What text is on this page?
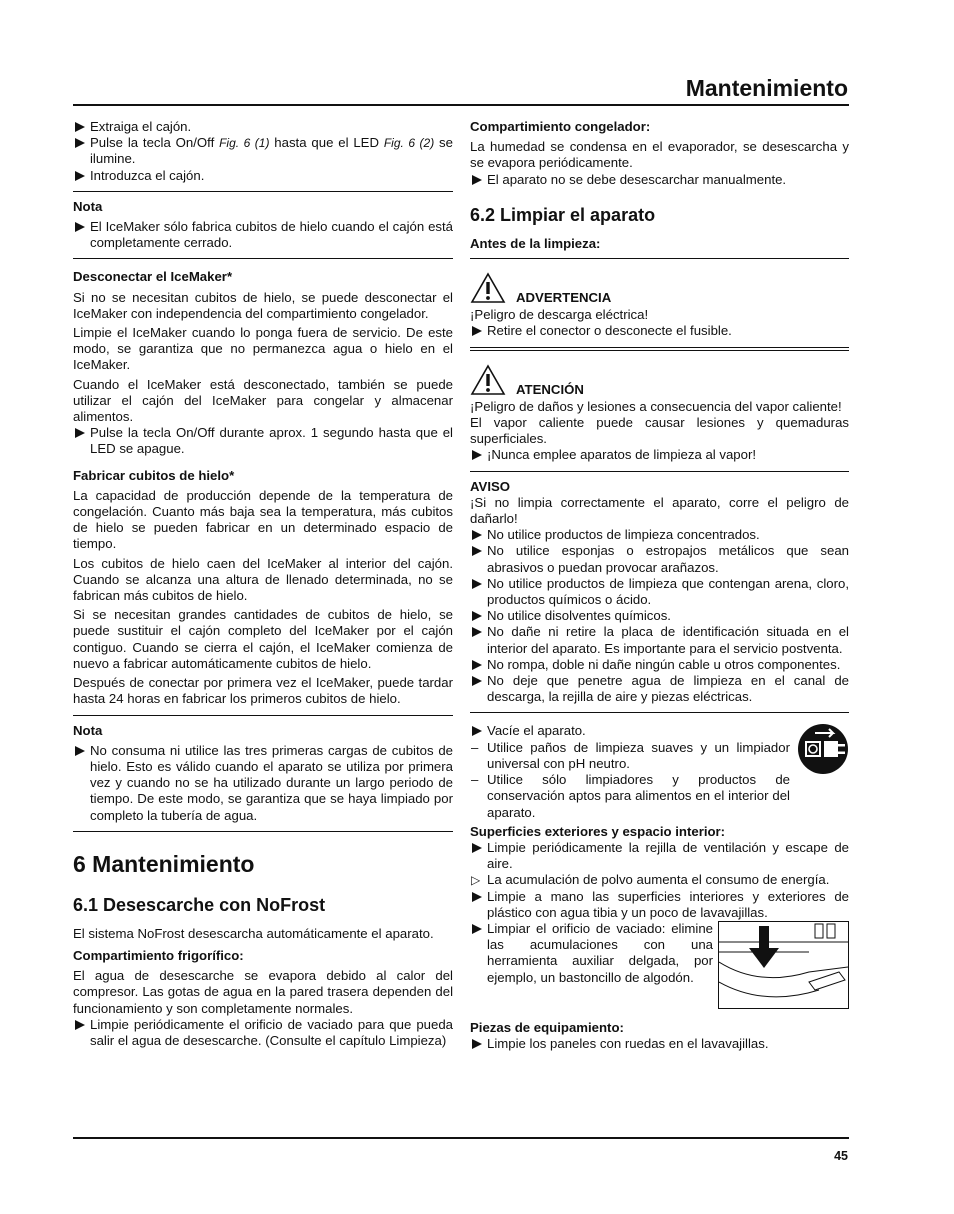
Mantenimiento
Extraiga el cajón.
Pulse la tecla On/Off Fig. 6 (1) hasta que el LED Fig. 6 (2) se ilumine.
Introduzca el cajón.
Nota
El IceMaker sólo fabrica cubitos de hielo cuando el cajón está completamente cerrado.
Desconectar el IceMaker*

Si no se necesitan cubitos de hielo, se puede desconectar el IceMaker con independencia del compartimiento congelador.

Limpie el IceMaker cuando lo ponga fuera de servicio. De este modo, se garantiza que no permanezca agua o hielo en el IceMaker.

Cuando el IceMaker está desconectado, también se puede utilizar el cajón del IceMaker para congelar y almacenar alimentos.

Pulse la tecla On/Off durante aprox. 1 segundo hasta que el LED se apague.
Fabricar cubitos de hielo*

La capacidad de producción depende de la temperatura de congelación. Cuanto más baja sea la temperatura, más cubitos de hielo se pueden fabricar en un determinado espacio de tiempo.

Los cubitos de hielo caen del IceMaker al interior del cajón. Cuando se alcanza una altura de llenado determinada, no se fabrican más cubitos de hielo.

Si se necesitan grandes cantidades de cubitos de hielo, se puede sustituir el cajón completo del IceMaker por el cajón contiguo. Cuando se cierra el cajón, el IceMaker comienza de nuevo a fabricar automáticamente cubitos de hielo.

Después de conectar por primera vez el IceMaker, puede tardar hasta 24 horas en fabricar los primeros cubitos de hielo.

Nota
No consuma ni utilice las tres primeras cargas de cubitos de hielo. Esto es válido cuando el aparato se utiliza por primera vez y cuando no se ha utilizado durante un largo periodo de tiempo. De este modo, se garantiza que se haya limpiado por completo la tubería de agua.
6 Mantenimiento
6.1 Desescarche con NoFrost

El sistema NoFrost desescarcha automáticamente el aparato.

Compartimiento frigorífico:

El agua de desescarche se evapora debido al calor del compresor. Las gotas de agua en la pared trasera dependen del funcionamiento y son completamente normales.

Limpie periódicamente el orificio de vaciado para que pueda salir el agua de desescarche. (Consulte el capítulo Limpieza)
Compartimiento congelador:

La humedad se condensa en el evaporador, se desescarcha y se evapora periódicamente.

El aparato no se debe desescarchar manualmente.
6.2 Limpiar el aparato
Antes de la limpieza:
ADVERTENCIA

¡Peligro de descarga eléctrica!

Retire el conector o desconecte el fusible.
ATENCIÓN

¡Peligro de daños y lesiones a consecuencia del vapor caliente!

El vapor caliente puede causar lesiones y quemaduras superficiales.

¡Nunca emplee aparatos de limpieza al vapor!
AVISO

¡Si no limpia correctamente el aparato, corre el peligro de dañarlo!

No utilice productos de limpieza concentrados.
No utilice esponjas o estropajos metálicos que sean abrasivos o puedan provocar arañazos.
No utilice productos de limpieza que contengan arena, cloro, productos químicos o ácido.
No utilice disolventes químicos.
No dañe ni retire la placa de identificación situada en el interior del aparato. Es importante para el servicio postventa.
No rompa, doble ni dañe ningún cable u otros componentes.
No deje que penetre agua de limpieza en el canal de descarga, la rejilla de aire y piezas eléctricas.
Vacíe el aparato.
– Utilice paños de limpieza suaves y un limpiador universal con pH neutro.
– Utilice sólo limpiadores y productos de conservación aptos para alimentos en el interior del aparato.
Superficies exteriores y espacio interior:
Limpie periódicamente la rejilla de ventilación y escape de aire.
▷ La acumulación de polvo aumenta el consumo de energía.
Limpie a mano las superficies interiores y exteriores de plástico con agua tibia y un poco de lavavajillas.
Limpiar el orificio de vaciado: elimine las acumulaciones con una herramienta auxiliar delgada, por ejemplo, un bastoncillo de algodón.
Piezas de equipamiento:
Limpie los paneles con ruedas en el lavavajillas.
45
